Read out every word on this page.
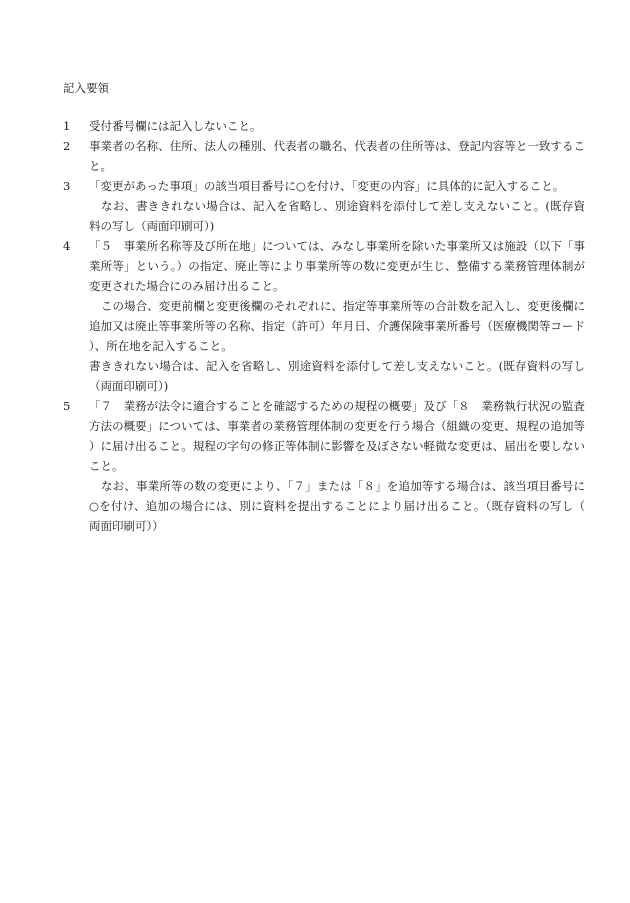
記入要領
1	受付番号欄には記入しないこと。

2	事業者の名称、住所、法人の種別、代表者の職名、代表者の住所等は、登記内容等と一致すること。

3	「変更があった事項」の該当項目番号に○を付け、「変更の内容」に具体的に記入すること。

なお、書ききれない場合は、記入を省略し、別途資料を添付して差し支えないこと。(既存資料の写し（両面印刷可）)

4	「５　事業所名称等及び所在地」については、みなし事業所を除いた事業所又は施設（以下「事業所等」という。）の指定、廃止等により事業所等の数に変更が生じ、整備する業務管理体制が変更された場合にのみ届け出ること。

この場合、変更前欄と変更後欄のそれぞれに、指定等事業所等の合計数を記入し、変更後欄に追加又は廃止等事業所等の名称、指定（許可）年月日、介護保険事業所番号（医療機関等コード）、所在地を記入すること。

書ききれない場合は、記入を省略し、別途資料を添付して差し支えないこと。(既存資料の写し（両面印刷可）)

5	「７　業務が法令に適合することを確認するための規程の概要」及び「８　業務執行状況の監査方法の概要」については、事業者の業務管理体制の変更を行う場合（組織の変更、規程の追加等）に届け出ること。規程の字句の修正等体制に影響を及ぼさない軽微な変更は、届出を要しないこと。

なお、事業所等の数の変更により、「７」または「８」を追加等する場合は、該当項目番号に○を付け、追加の場合には、別に資料を提出することにより届け出ること。（既存資料の写し（両面印刷可））
